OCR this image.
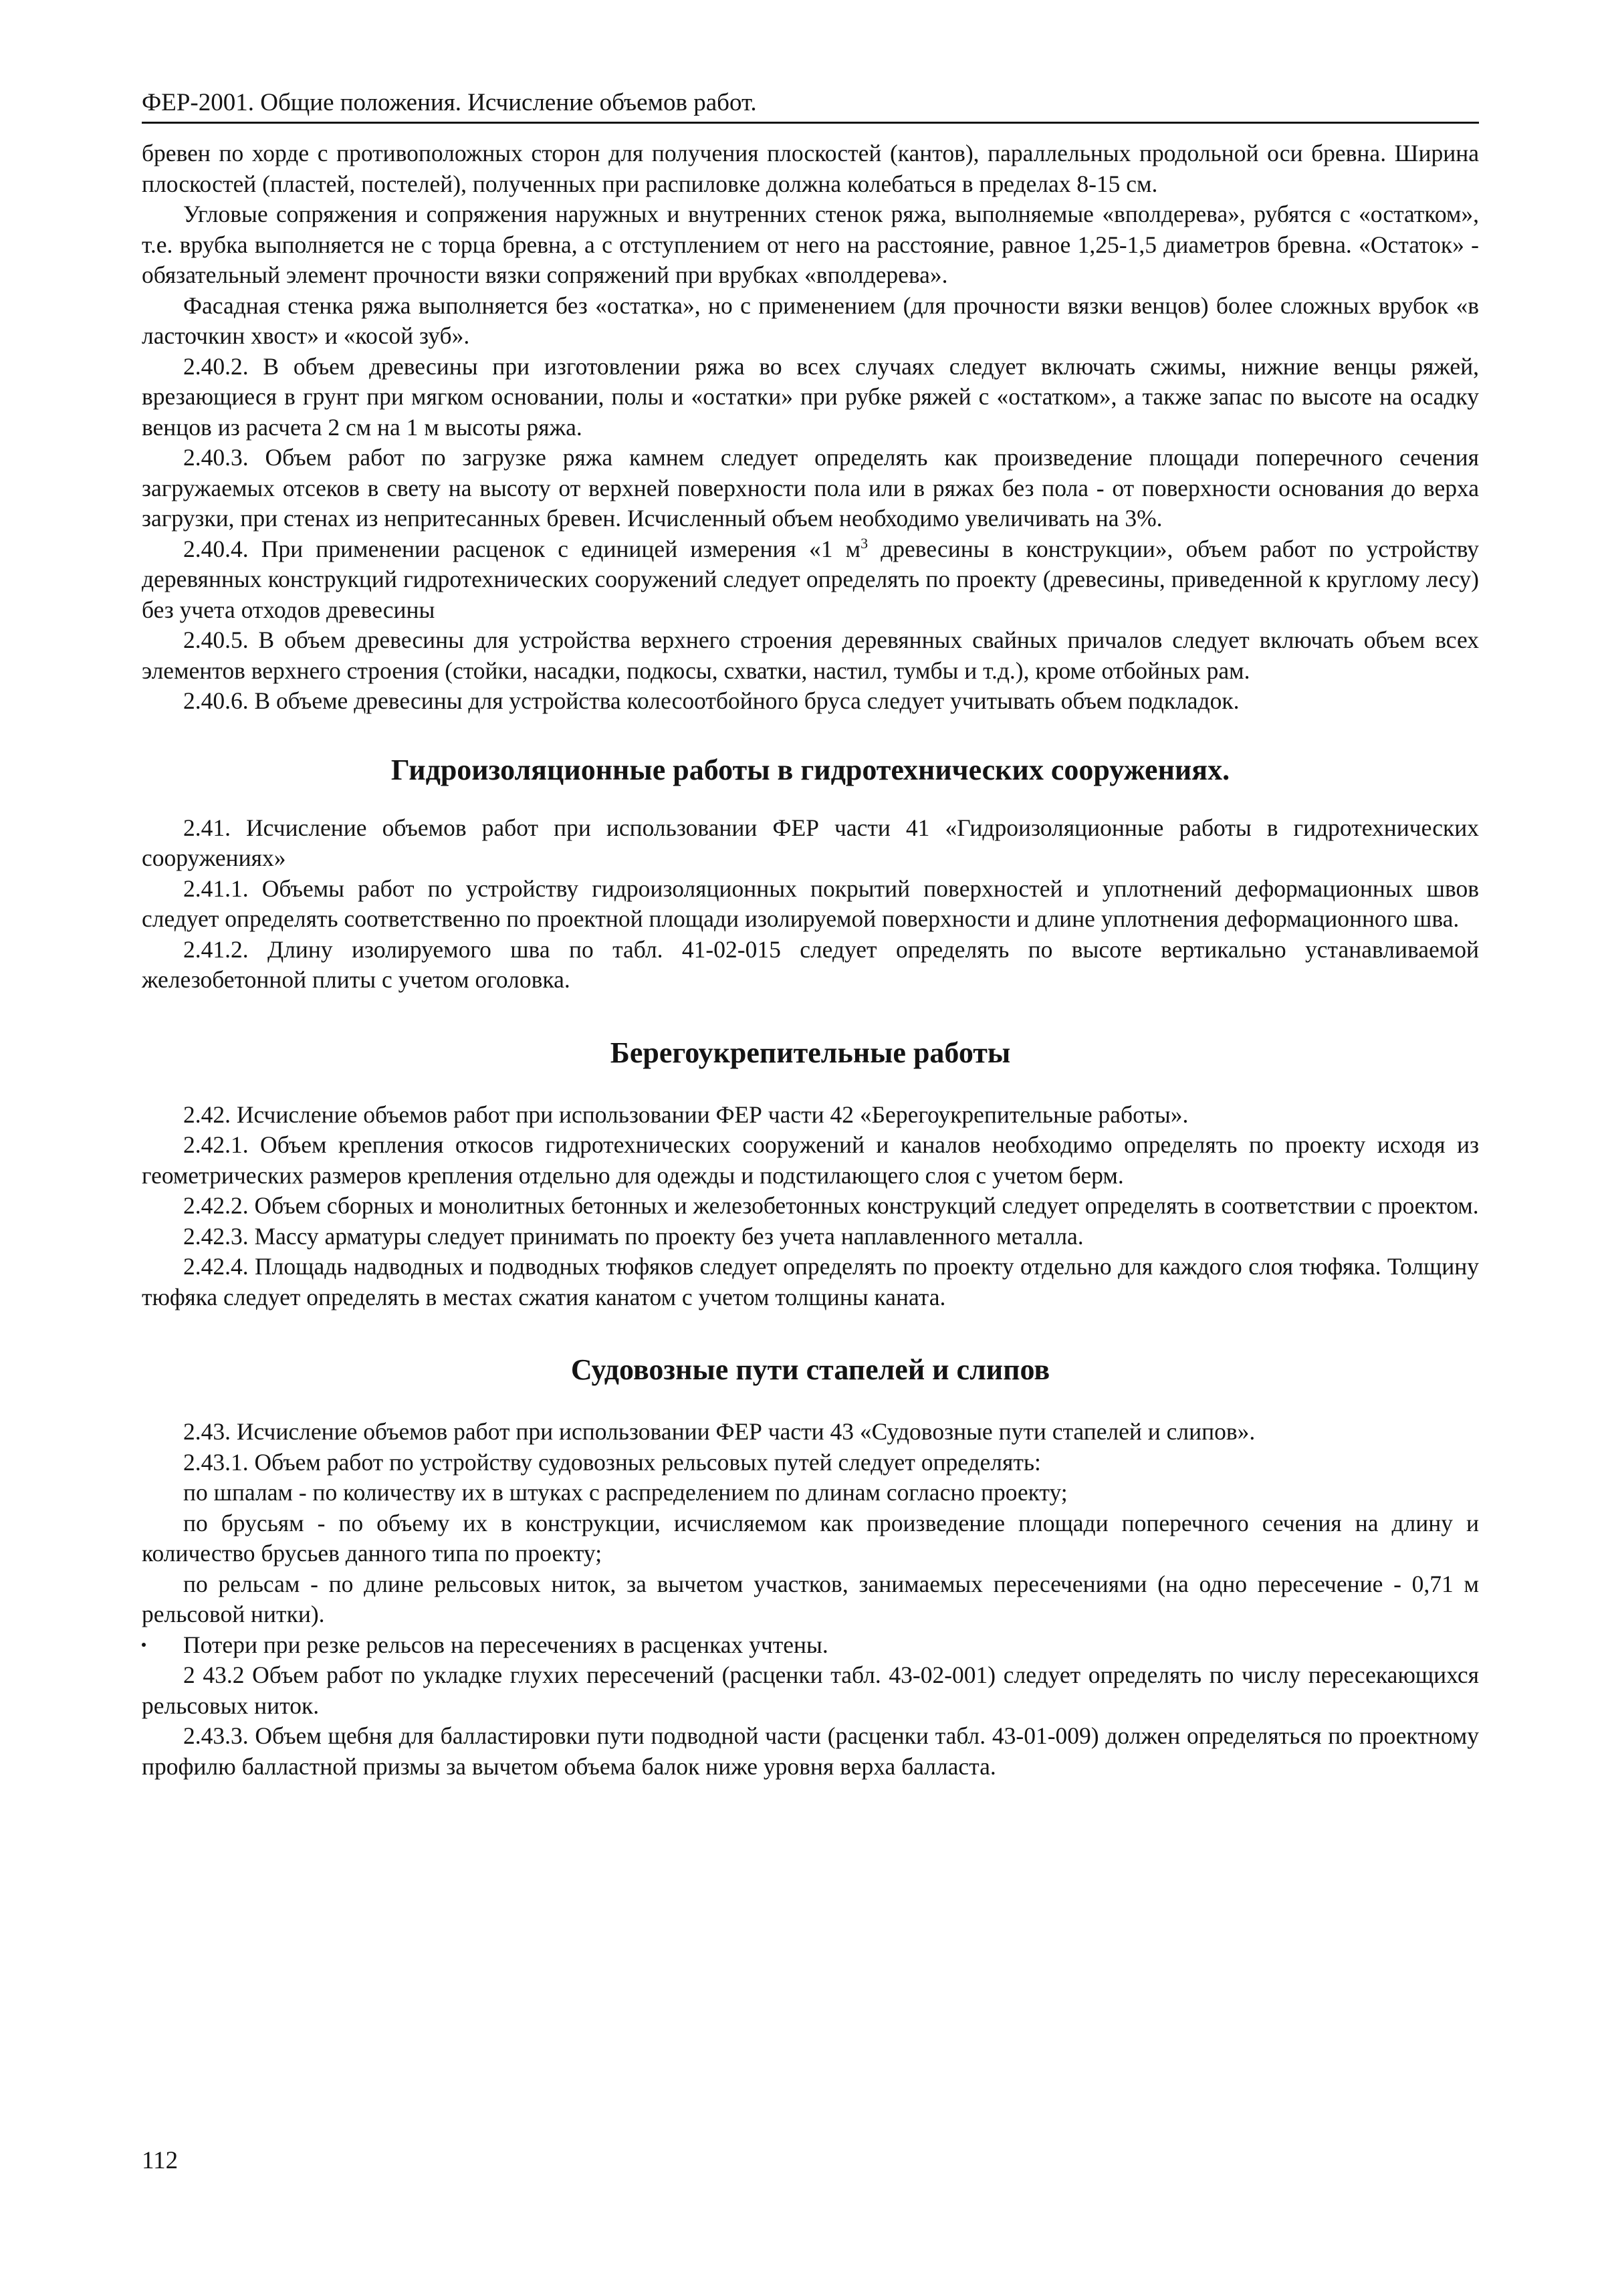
ФЕР-2001. Общие положения. Исчисление объемов работ.

бревен по хорде с противоположных сторон для получения плоскостей (кантов), параллельных продольной оси бревна. Ширина плоскостей (пластей, постелей), полученных при распиловке должна колебаться в пределах 8-15 см.

Угловые сопряжения и сопряжения наружных и внутренних стенок ряжа, выполняемые «вполдерева», рубятся с «остатком», т.е. врубка выполняется не с торца бревна, а с отступлением от него на расстояние, равное 1,25-1,5 диаметров бревна. «Остаток» - обязательный элемент прочности вязки сопряжений при врубках «вполдерева».

Фасадная стенка ряжа выполняется без «остатка», но с применением (для прочности вязки венцов) более сложных врубок «в ласточкин хвост» и «косой зуб».

2.40.2. В объем древесины при изготовлении ряжа во всех случаях следует включать сжимы, нижние венцы ряжей, врезающиеся в грунт при мягком основании, полы и «остатки» при рубке ряжей с «остатком», а также запас по высоте на осадку венцов из расчета 2 см на 1 м высоты ряжа.

2.40.3. Объем работ по загрузке ряжа камнем следует определять как произведение площади поперечного сечения загружаемых отсеков в свету на высоту от верхней поверхности пола или в ряжах без пола - от поверхности основания до верха загрузки, при стенах из непритесанных бревен. Исчисленный объем необходимо увеличивать на 3%.

2.40.4. При применении расценок с единицей измерения «1 $м^3$ древесины в конструкции», объем работ по устройству деревянных конструкций гидротехнических сооружений следует определять по проекту (древесины, приведенной к круглому лесу) без учета отходов древесины

2.40.5. В объем древесины для устройства верхнего строения деревянных свайных причалов следует включать объем всех элементов верхнего строения (стойки, насадки, подкосы, схватки, настил, тумбы и т.д.), кроме отбойных рам.

2.40.6. В объеме древесины для устройства колесоотбойного бруса следует учитывать объем подкладок.

Гидроизоляционные работы в гидротехнических сооружениях.

2.41. Исчисление объемов работ при использовании ФЕР части 41 «Гидроизоляционные работы в гидротехнических сооружениях»

2.41.1. Объемы работ по устройству гидроизоляционных покрытий поверхностей и уплотнений деформационных швов следует определять соответственно по проектной площади изолируемой поверхности и длине уплотнения деформационного шва.

2.41.2. Длину изолируемого шва по табл. 41-02-015 следует определять по высоте вертикально устанавливаемой железобетонной плиты с учетом оголовка.

Берегоукрепительные работы

2.42. Исчисление объемов работ при использовании ФЕР части 42 «Берегоукрепительные работы».

2.42.1. Объем крепления откосов гидротехнических сооружений и каналов необходимо определять по проекту исходя из геометрических размеров крепления отдельно для одежды и подстилающего слоя с учетом берм.

2.42.2. Объем сборных и монолитных бетонных и железобетонных конструкций следует определять в соответствии с проектом.

2.42.3. Массу арматуры следует принимать по проекту без учета наплавленного металла.

2.42.4. Площадь надводных и подводных тюфяков следует определять по проекту отдельно для каждого слоя тюфяка. Толщину тюфяка следует определять в местах сжатия канатом с учетом толщины каната.

Судовозные пути стапелей и слипов

2.43. Исчисление объемов работ при использовании ФЕР части 43 «Судовозные пути стапелей и слипов».

2.43.1. Объем работ по устройству судовозных рельсовых путей следует определять:

по шпалам - по количеству их в штуках с распределением по длинам согласно проекту;

по брусьям - по объему их в конструкции, исчисляемом как произведение площади поперечного сечения на длину и количество брусьев данного типа по проекту;

по рельсам - по длине рельсовых ниток, за вычетом участков, занимаемых пересечениями (на одно пересечение - 0,71 м рельсовой нитки).

Потери при резке рельсов на пересечениях в расценках учтены.

2 43.2 Объем работ по укладке глухих пересечений (расценки табл. 43-02-001) следует определять по числу пересекающихся рельсовых ниток.

2.43.3. Объем щебня для балластировки пути подводной части (расценки табл. 43-01-009) должен определяться по проектному профилю балластной призмы за вычетом объема балок ниже уровня верха балласта.

112
